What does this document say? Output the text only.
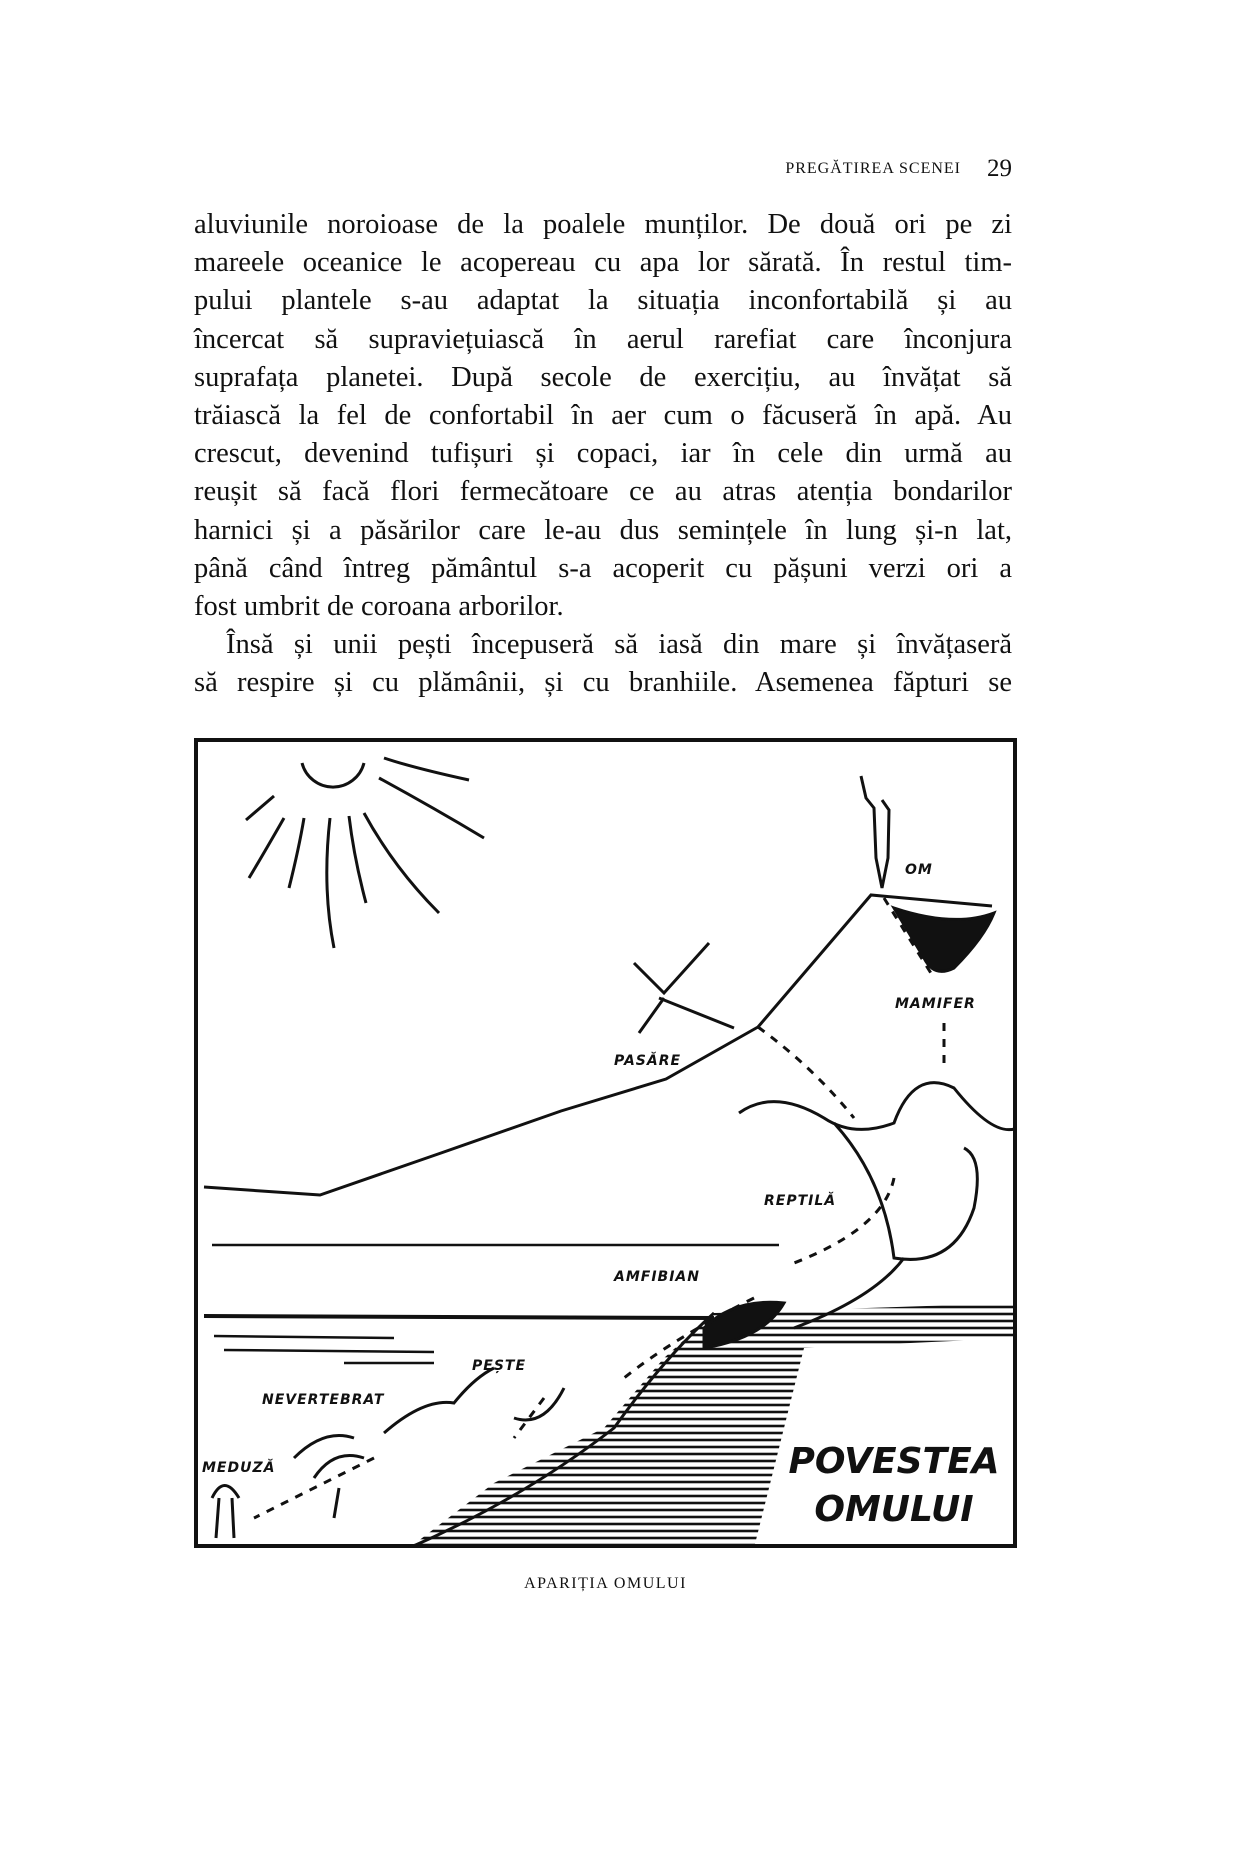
PREGĂTIREA SCENEI 29
aluviunile noroioase de la poalele munților. De două ori pe zi
mareele oceanice le acopereau cu apa lor sărată. În restul tim-
pului plantele s-au adaptat la situația inconfortabilă și au
încercat să supraviețuiască în aerul rarefiat care înconjura
suprafața planetei. După secole de exercițiu, au învățat să
trăiască la fel de confortabil în aer cum o făcuseră în apă. Au
crescut, devenind tufișuri și copaci, iar în cele din urmă au
reușit să facă flori fermecătoare ce au atras atenția bondarilor
harnici și a păsărilor care le-au dus semințele în lung și-n lat,
până când întreg pământul s-a acoperit cu pășuni verzi ori a
fost umbrit de coroana arborilor.
Însă și unii pești începuseră să iasă din mare și învățaseră
să respire și cu plămânii, și cu branhiile. Asemenea făpturi se
OM
MAMIFER
PASĂRE
REPTILĂ
AMFIBIAN
PEȘTE
NEVERTEBRAT
MEDUZĂ	POVESTEA
OMULUI
APARIȚIA OMULUI
